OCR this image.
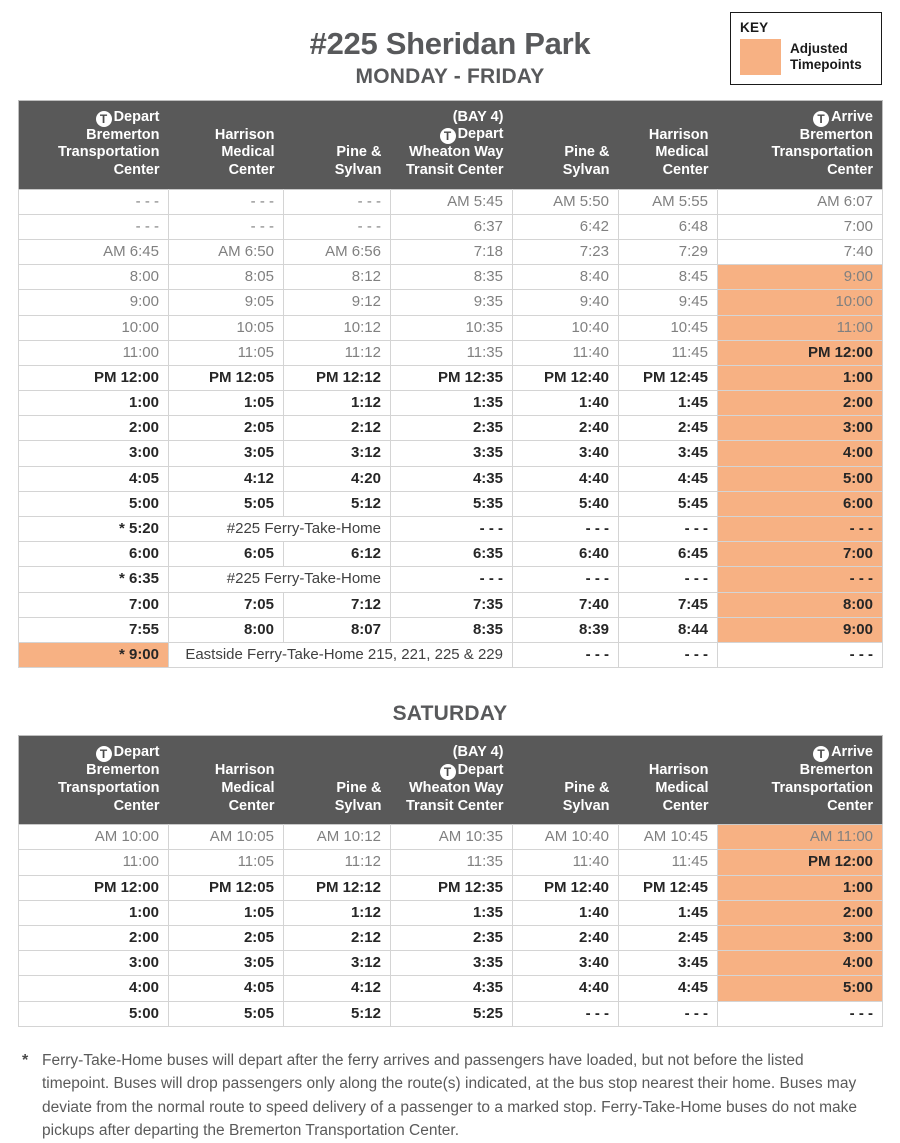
KEY
Adjusted Timepoints
#225 Sheridan Park
MONDAY - FRIDAY
T Depart
Bremerton Transportation Center	Harrison Medical Center	Pine & Sylvan	(BAY 4)
T Depart
Wheaton Way Transit Center	Pine & Sylvan	Harrison Medical Center	T Arrive
Bremerton Transportation Center
- - -	- - -	- - -	AM 5:45	AM 5:50	AM 5:55	AM 6:07
- - -	- - -	- - -	6:37	6:42	6:48	7:00
AM 6:45	AM 6:50	AM 6:56	7:18	7:23	7:29	7:40
8:00	8:05	8:12	8:35	8:40	8:45	9:00
9:00	9:05	9:12	9:35	9:40	9:45	10:00
10:00	10:05	10:12	10:35	10:40	10:45	11:00
11:00	11:05	11:12	11:35	11:40	11:45	PM 12:00
PM 12:00	PM 12:05	PM 12:12	PM 12:35	PM 12:40	PM 12:45	1:00
1:00	1:05	1:12	1:35	1:40	1:45	2:00
2:00	2:05	2:12	2:35	2:40	2:45	3:00
3:00	3:05	3:12	3:35	3:40	3:45	4:00
4:05	4:12	4:20	4:35	4:40	4:45	5:00
5:00	5:05	5:12	5:35	5:40	5:45	6:00
* 5:20	#225 Ferry-Take-Home		- - -	- - -	- - -	- - -
6:00	6:05	6:12	6:35	6:40	6:45	7:00
* 6:35	#225 Ferry-Take-Home		- - -	- - -	- - -	- - -
7:00	7:05	7:12	7:35	7:40	7:45	8:00
7:55	8:00	8:07	8:35	8:39	8:44	9:00
* 9:00	Eastside Ferry-Take-Home 215, 221, 225 & 229			- - -	- - -	- - -
SATURDAY
T Depart
Bremerton Transportation Center	Harrison Medical Center	Pine & Sylvan	(BAY 4)
T Depart
Wheaton Way Transit Center	Pine & Sylvan	Harrison Medical Center	T Arrive
Bremerton Transportation Center
AM 10:00	AM 10:05	AM 10:12	AM 10:35	AM 10:40	AM 10:45	AM 11:00
11:00	11:05	11:12	11:35	11:40	11:45	PM 12:00
PM 12:00	PM 12:05	PM 12:12	PM 12:35	PM 12:40	PM 12:45	1:00
1:00	1:05	1:12	1:35	1:40	1:45	2:00
2:00	2:05	2:12	2:35	2:40	2:45	3:00
3:00	3:05	3:12	3:35	3:40	3:45	4:00
4:00	4:05	4:12	4:35	4:40	4:45	5:00
5:00	5:05	5:12	5:25	- - -	- - -	- - -
* Ferry-Take-Home buses will depart after the ferry arrives and passengers have loaded, but not before the listed timepoint. Buses will drop passengers only along the route(s) indicated, at the bus stop nearest their home. Buses may deviate from the normal route to speed delivery of a passenger to a marked stop. Ferry-Take-Home buses do not make pickups after departing the Bremerton Transportation Center.
